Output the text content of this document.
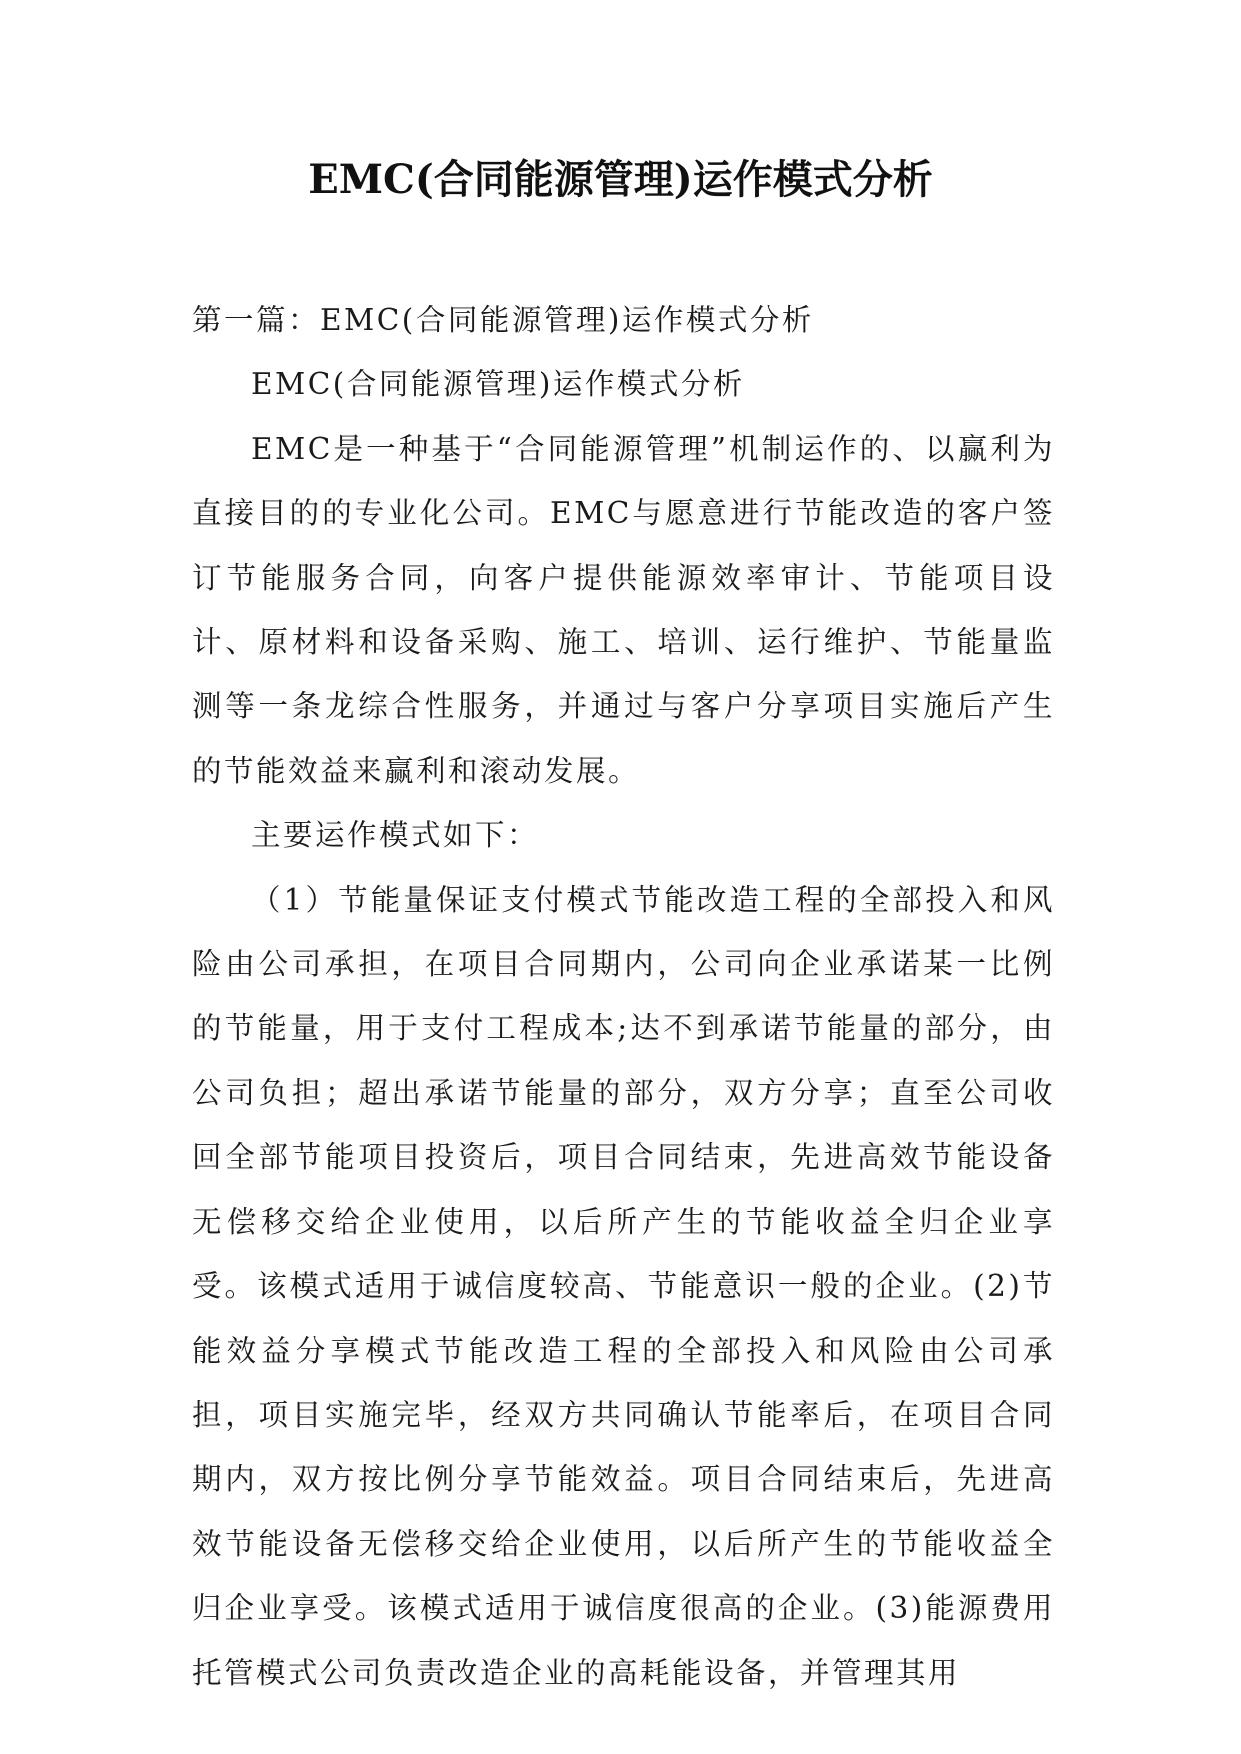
EMC(合同能源管理)运作模式分析

第一篇：EMC(合同能源管理)运作模式分析

EMC(合同能源管理)运作模式分析

EMC是一种基于“合同能源管理”机制运作的、以赢利为直接目的的专业化公司。EMC与愿意进行节能改造的客户签订节能服务合同，向客户提供能源效率审计、节能项目设计、原材料和设备采购、施工、培训、运行维护、节能量监测等一条龙综合性服务，并通过与客户分享项目实施后产生的节能效益来赢利和滚动发展。

主要运作模式如下：

（1）节能量保证支付模式节能改造工程的全部投入和风险由公司承担，在项目合同期内，公司向企业承诺某一比例的节能量，用于支付工程成本;达不到承诺节能量的部分，由公司负担；超出承诺节能量的部分，双方分享；直至公司收回全部节能项目投资后，项目合同结束，先进高效节能设备无偿移交给企业使用，以后所产生的节能收益全归企业享受。该模式适用于诚信度较高、节能意识一般的企业。(2)节能效益分享模式节能改造工程的全部投入和风险由公司承担，项目实施完毕，经双方共同确认节能率后，在项目合同期内，双方按比例分享节能效益。项目合同结束后，先进高效节能设备无偿移交给企业使用，以后所产生的节能收益全归企业享受。该模式适用于诚信度很高的企业。(3)能源费用托管模式公司负责改造企业的高耗能设备，并管理其用
